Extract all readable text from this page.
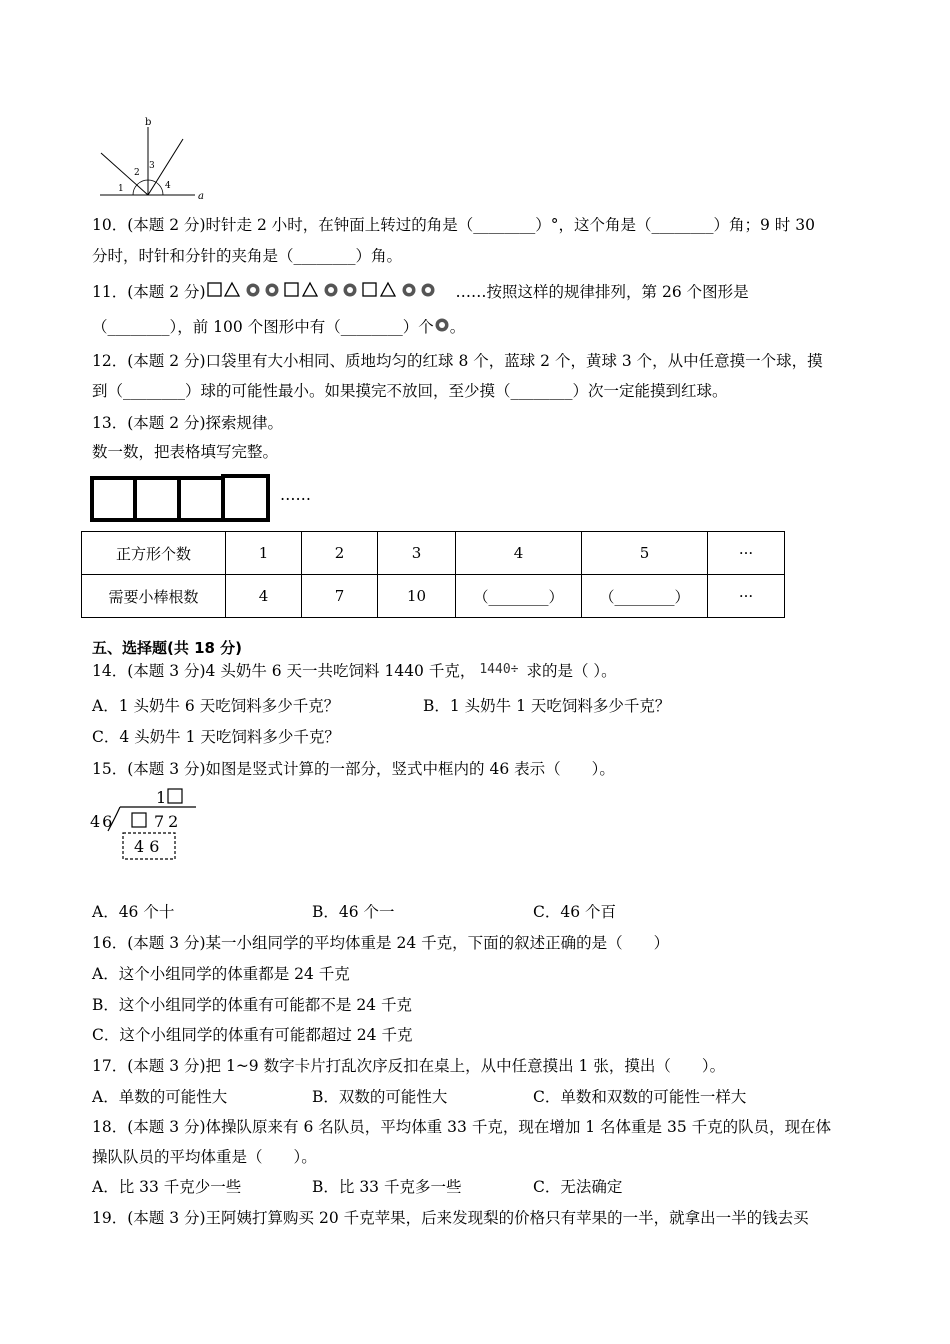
b
a
1
2
3
4
10．(本题 2 分)时针走 2 小时，在钟面上转过的角是（________）°，这个角是（________）角；9 时 30
分时，时针和分针的夹角是（________）角。
11．(本题 2 分)	……按照这样的规律排列，第 26 个图形是
（________），前 100 个图形中有（________）个 。
12．(本题 2 分)口袋里有大小相同、质地均匀的红球 8 个，蓝球 2 个，黄球 3 个，从中任意摸一个球，摸
到（________）球的可能性最小。如果摸完不放回，至少摸（________）次一定能摸到红球。
13．(本题 2 分)探索规律。
数一数，把表格填写完整。
……
正方形个数	1	2	3	4	5	···
需要小棒根数	4	7	10	（________）	（________）	···
五、选择题(共 18 分)
14．(本题 3 分)4 头奶牛 6 天一共吃饲料 1440 千克， 1440÷ 求的是（ ）。
A．1 头奶牛 6 天吃饲料多少千克？	B．1 头奶牛 1 天吃饲料多少千克？
C．4 头奶牛 1 天吃饲料多少千克？
15．(本题 3 分)如图是竖式计算的一部分，竖式中框内的 46 表示（　　）。
1
46 72
4 6
A．46 个十	B．46 个一	C．46 个百
16．(本题 3 分)某一小组同学的平均体重是 24 千克，下面的叙述正确的是（　　）
A．这个小组同学的体重都是 24 千克
B．这个小组同学的体重有可能都不是 24 千克
C．这个小组同学的体重有可能都超过 24 千克
17．(本题 3 分)把 1~9 数字卡片打乱次序反扣在桌上，从中任意摸出 1 张，摸出（　　）。
A．单数的可能性大	B．双数的可能性大	C．单数和双数的可能性一样大
18．(本题 3 分)体操队原来有 6 名队员，平均体重 33 千克，现在增加 1 名体重是 35 千克的队员，现在体
操队队员的平均体重是（　　）。
A．比 33 千克少一些	B．比 33 千克多一些	C．无法确定
19．(本题 3 分)王阿姨打算购买 20 千克苹果，后来发现梨的价格只有苹果的一半，就拿出一半的钱去买
